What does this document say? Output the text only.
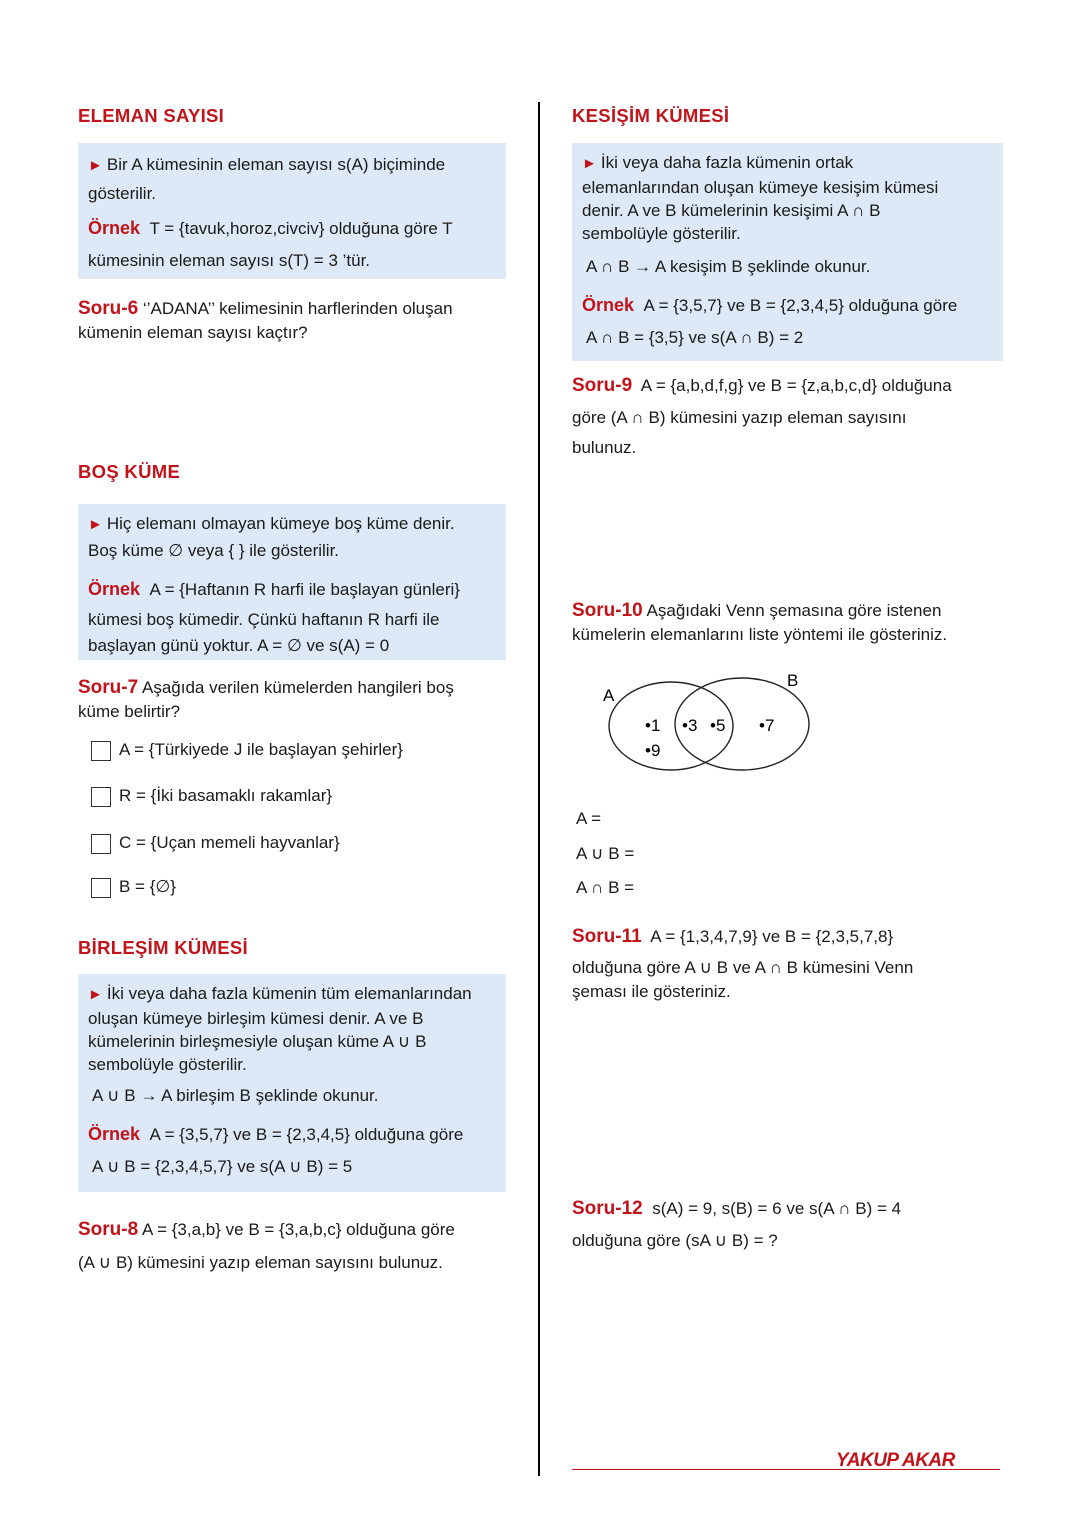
ELEMAN SAYISI
► Bir A kümesinin eleman sayısı s(A) biçiminde
gösterilir.
Örnek T = {tavuk,horoz,civciv} olduğuna göre T
kümesinin eleman sayısı s(T) = 3 ’tür.
Soru-6 ‘’ADANA’’ kelimesinin harflerinden oluşan
kümenin eleman sayısı kaçtır?
BOŞ KÜME
► Hiç elemanı olmayan kümeye boş küme denir.
Boş küme ∅ veya { } ile gösterilir.
Örnek A = {Haftanın R harfi ile başlayan günleri}
kümesi boş kümedir. Çünkü haftanın R harfi ile
başlayan günü yoktur. A = ∅ ve s(A) = 0
Soru-7 Aşağıda verilen kümelerden hangileri boş
küme belirtir?
A = {Türkiyede J ile başlayan şehirler}
R = {İki basamaklı rakamlar}
C = {Uçan memeli hayvanlar}
B = {∅}
BİRLEŞİM KÜMESİ
► İki veya daha fazla kümenin tüm elemanlarından
oluşan kümeye birleşim kümesi denir. A ve B
kümelerinin birleşmesiyle oluşan küme A ∪ B
sembolüyle gösterilir.
A ∪ B → A birleşim B şeklinde okunur.
Örnek A = {3,5,7} ve B = {2,3,4,5} olduğuna göre
A ∪ B = {2,3,4,5,7} ve s(A ∪ B) = 5
Soru-8 A = {3,a,b} ve B = {3,a,b,c} olduğuna göre
(A ∪ B) kümesini yazıp eleman sayısını bulunuz.
KESİŞİM KÜMESİ
► İki veya daha fazla kümenin ortak
elemanlarından oluşan kümeye kesişim kümesi
denir. A ve B kümelerinin kesişimi A ∩ B
sembolüyle gösterilir.
A ∩ B → A kesişim B şeklinde okunur.
Örnek A = {3,5,7} ve B = {2,3,4,5} olduğuna göre
A ∩ B = {3,5} ve s(A ∩ B) = 2
Soru-9 A = {a,b,d,f,g} ve B = {z,a,b,c,d} olduğuna
göre (A ∩ B) kümesini yazıp eleman sayısını
bulunuz.
Soru-10 Aşağıdaki Venn şemasına göre istenen
kümelerin elemanlarını liste yöntemi ile gösteriniz.
A
B
•1
•9
•3 •5 •7
A =
A ∪ B =
A ∩ B =
Soru-11 A = {1,3,4,7,9} ve B = {2,3,5,7,8}
olduğuna göre A ∪ B ve A ∩ B kümesini Venn
şeması ile gösteriniz.
Soru-12 s(A) = 9, s(B) = 6 ve s(A ∩ B) = 4
olduğuna göre (sA ∪ B) = ?
YAKUP AKAR
